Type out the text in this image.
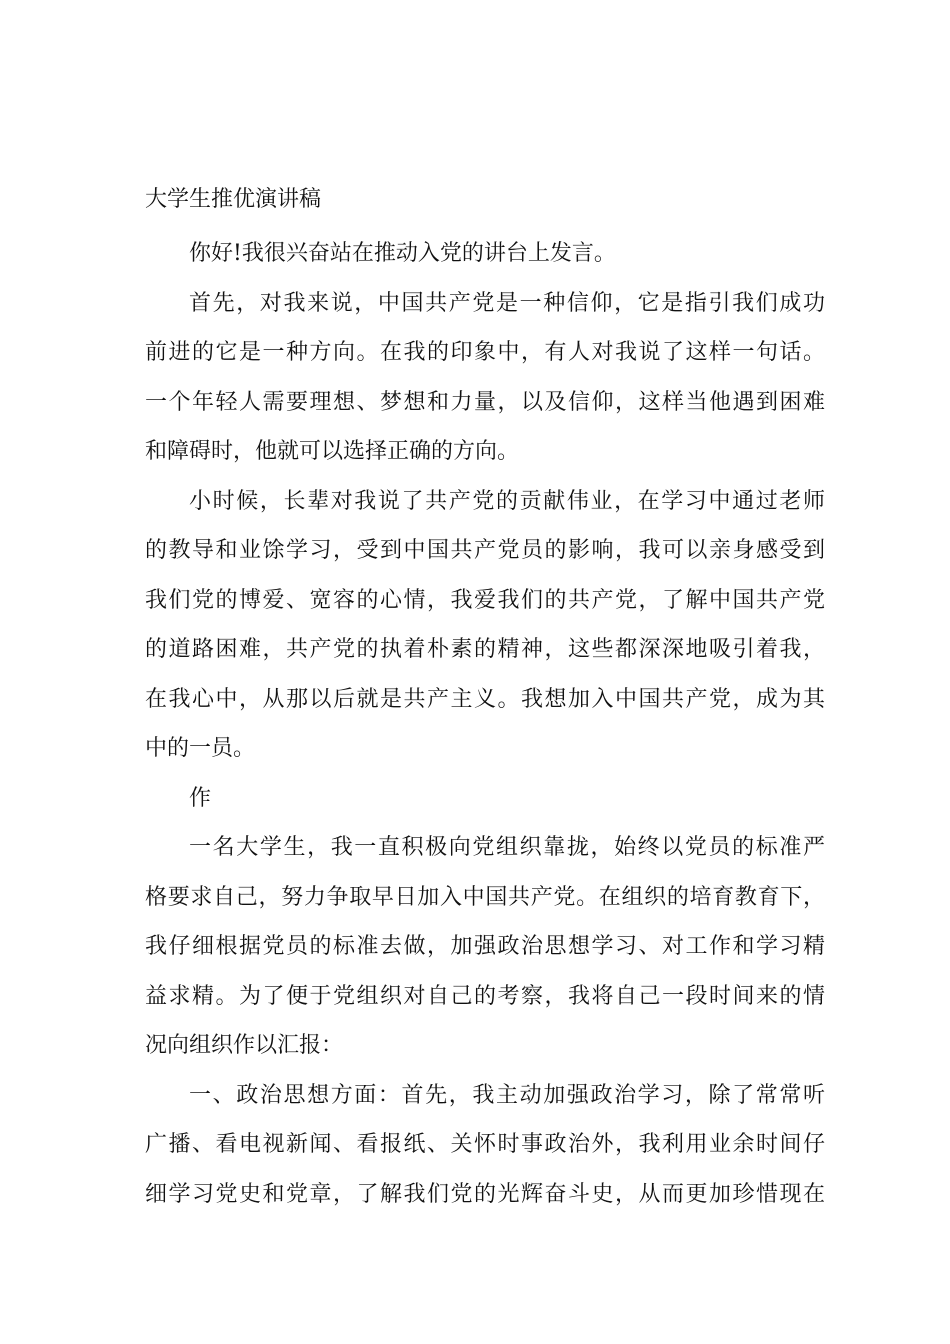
大学生推优演讲稿
你好!我很兴奋站在推动入党的讲台上发言。
首先，对我来说，中国共产党是一种信仰，它是指引我们成功
前进的它是一种方向。在我的印象中，有人对我说了这样一句话。
一个年轻人需要理想、梦想和力量，以及信仰，这样当他遇到困难
和障碍时，他就可以选择正确的方向。
小时候，长辈对我说了共产党的贡献伟业，在学习中通过老师
的教导和业馀学习，受到中国共产党员的影响，我可以亲身感受到
我们党的博爱、宽容的心情，我爱我们的共产党，了解中国共产党
的道路困难，共产党的执着朴素的精神，这些都深深地吸引着我，
在我心中，从那以后就是共产主义。我想加入中国共产党，成为其
中的一员。
作
一名大学生，我一直积极向党组织靠拢，始终以党员的标准严
格要求自己，努力争取早日加入中国共产党。在组织的培育教育下，
我仔细根据党员的标准去做，加强政治思想学习、对工作和学习精
益求精。为了便于党组织对自己的考察，我将自己一段时间来的情
况向组织作以汇报：
一、政治思想方面：首先，我主动加强政治学习，除了常常听
广播、看电视新闻、看报纸、关怀时事政治外，我利用业余时间仔
细学习党史和党章，了解我们党的光辉奋斗史，从而更加珍惜现在
